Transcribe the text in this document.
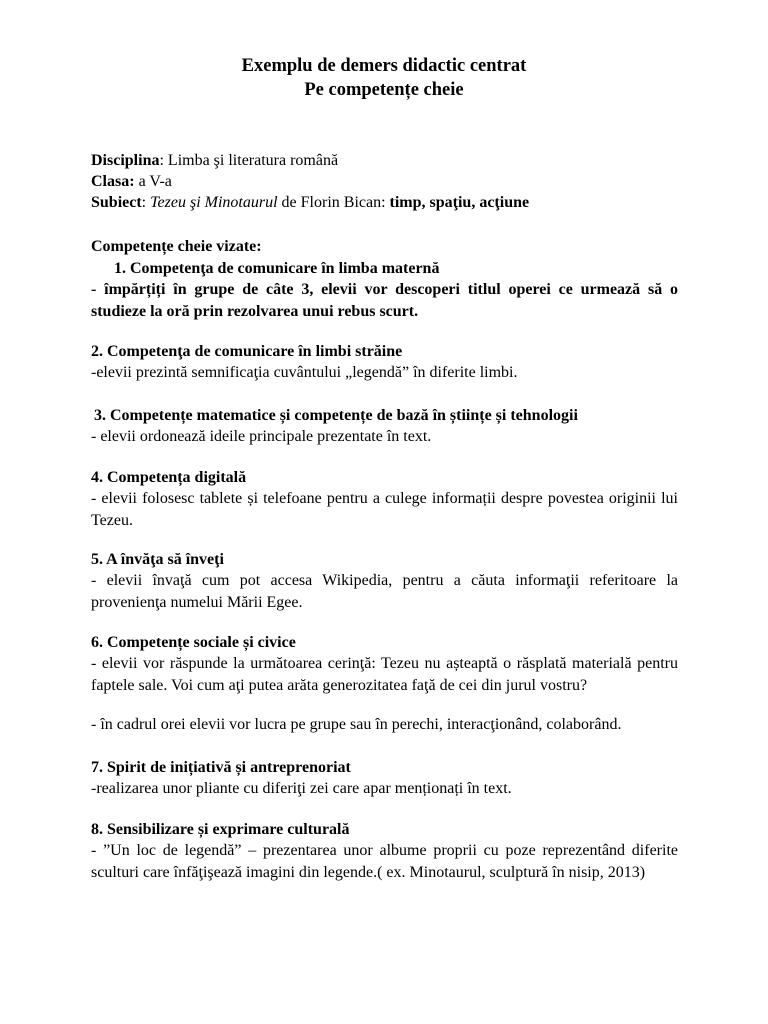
Exemplu de demers didactic centrat
Pe competențe cheie
Disciplina: Limba şi literatura română
Clasa: a V-a
Subiect: Tezeu şi Minotaurul de Florin Bican: timp, spaţiu, acţiune
Competențe cheie vizate:
1. Competenţa de comunicare în limba maternă
- împărțiți în grupe de câte 3, elevii vor descoperi titlul operei ce urmează să o studieze la oră prin rezolvarea unui rebus scurt.
2. Competenţa de comunicare în limbi străine
-elevii prezintă semnificaţia cuvântului „legendă” în diferite limbi.
3. Competențe matematice și competențe de bază în științe și tehnologii
- elevii ordonează ideile principale prezentate în text.
4. Competența digitală
- elevii folosesc tablete și telefoane pentru a culege informații despre povestea originii lui Tezeu.
5. A învăţa să înveţi
- elevii învaţă cum pot accesa Wikipedia, pentru a căuta informaţii referitoare la provenienţa numelui Mării Egee.
6. Competențe sociale și civice
- elevii vor răspunde la următoarea cerinţă: Tezeu nu așteaptă o răsplată materială pentru faptele sale. Voi cum aţi putea arăta generozitatea faţă de cei din jurul vostru?
- în cadrul orei elevii vor lucra pe grupe sau în perechi, interacţionând, colaborând.
7. Spirit de inițiativă și antreprenoriat
-realizarea unor pliante cu diferiţi zei care apar menționați în text.
8. Sensibilizare și exprimare culturală
- ”Un loc de legendă” – prezentarea unor albume proprii cu poze reprezentând diferite sculturi care înfăţişează imagini din legende.( ex. Minotaurul, sculptură în nisip, 2013)
